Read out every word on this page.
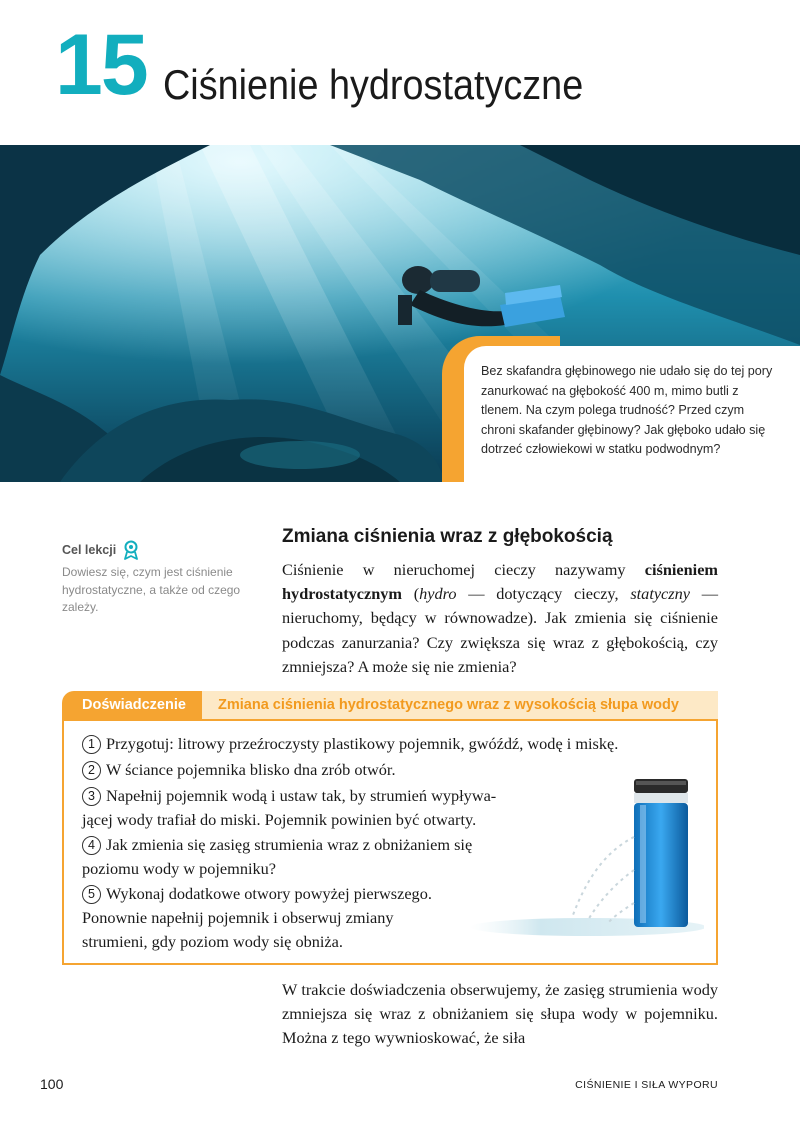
15 Ciśnienie hydrostatyczne
Bez skafandra głębinowego nie udało się do tej pory zanurkować na głębokość 400 m, mimo butli z tlenem. Na czym polega trudność? Przed czym chroni skafander głębinowy? Jak głęboko udało się dotrzeć człowiekowi w statku podwodnym?
Cel lekcji
Dowiesz się, czym jest ciśnienie hydrostatyczne, a także od czego zależy.
Zmiana ciśnienia wraz z głębokością
Ciśnienie w nieruchomej cieczy nazywamy ciśnieniem hydrostatycznym (hydro — dotyczący cieczy, statyczny — nieruchomy, będący w równowadze). Jak zmienia się ciśnienie podczas zanurzania? Czy zwiększa się wraz z głębokością, czy zmniejsza? A może się nie zmienia?
Doświadczenie	Zmiana ciśnienia hydrostatycznego wraz z wysokością słupa wody
1 Przygotuj: litrowy przeźroczysty plastikowy pojemnik, gwóźdź, wodę i miskę.
2 W ściance pojemnika blisko dna zrób otwór.
3 Napełnij pojemnik wodą i ustaw tak, by strumień wypływa-
jącej wody trafiał do miski. Pojemnik powinien być otwarty.
4 Jak zmienia się zasięg strumienia wraz z obniżaniem się
poziomu wody w pojemniku?
5 Wykonaj dodatkowe otwory powyżej pierwszego.
Ponownie napełnij pojemnik i obserwuj zmiany
strumieni, gdy poziom wody się obniża.
W trakcie doświadczenia obserwujemy, że zasięg strumienia wody zmniejsza się wraz z obniżaniem się słupa wody w pojemniku. Można z tego wywnioskować, że siła
100	CIŚNIENIE I SIŁA WYPORU
